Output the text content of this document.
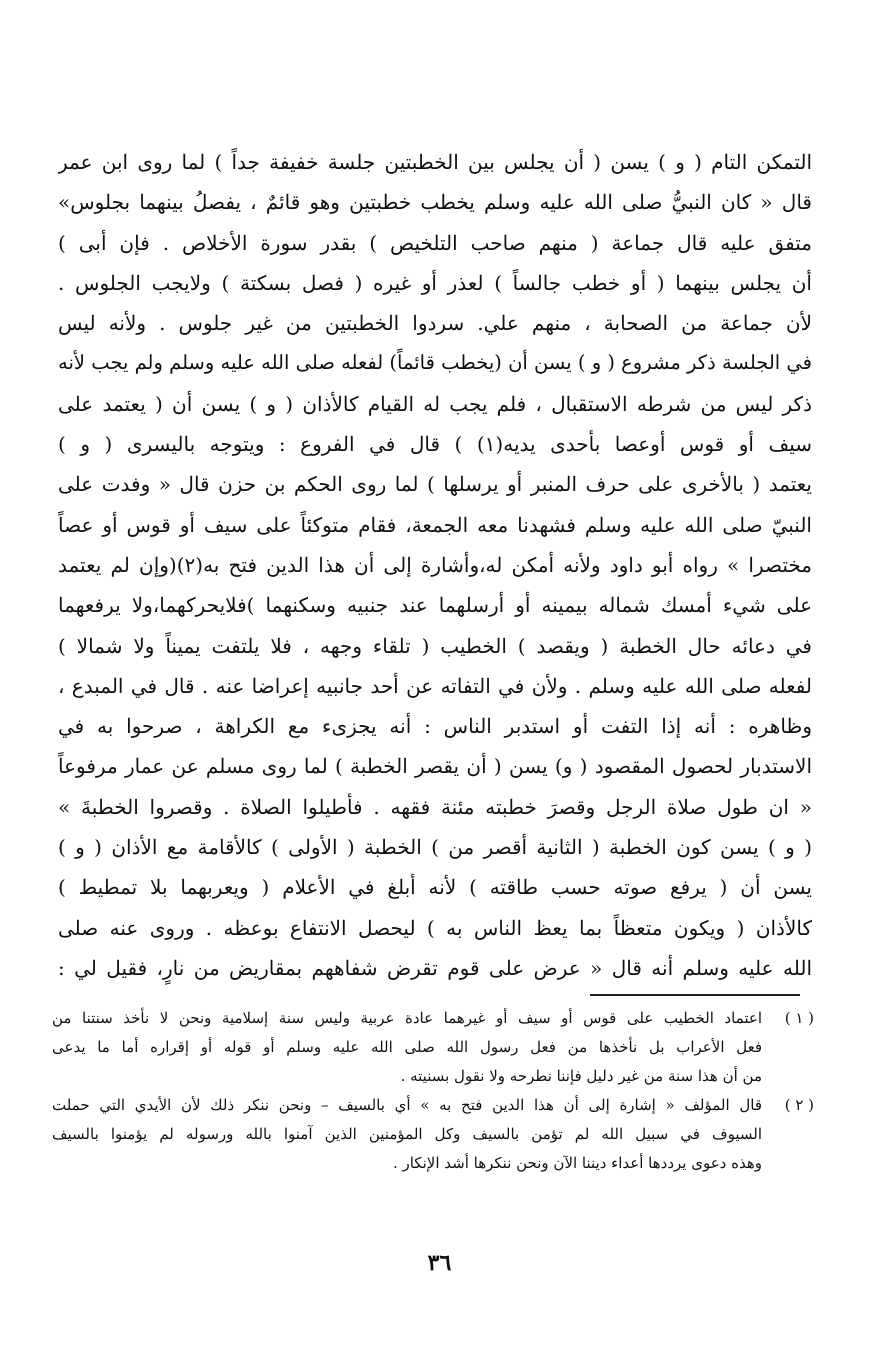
التمكن التام ( و ) يسن ( أن يجلس بين الخطبتين جلسة خفيفة جداً ) لما روى ابن عمر
قال « كان النبيُّ صلى الله عليه وسلم يخطب خطبتين وهو قائمٌ ، يفصلُ بينهما بجلوس»
متفق عليه قال جماعة ( منهم صاحب التلخيص ) بقدر سورة الأخلاص . فإن أبى )
أن يجلس بينهما ( أو خطب جالساً ) لعذر أو غيره ( فصل بسكتة ) ولايجب الجلوس .
لأن جماعة من الصحابة ، منهم علي. سردوا الخطبتين من غير جلوس . ولأنه ليس
في الجلسة ذكر مشروع ( و ) يسن أن (يخطب قائماً) لفعله صلى الله عليه وسلم ولم يجب لأنه
ذكر ليس من شرطه الاستقبال ، فلم يجب له القيام كالأذان ( و ) يسن أن ( يعتمد على
سيف أو قوس أوعصا بأحدى يديه(١) ) قال في الفروع : ويتوجه باليسرى ( و )
يعتمد ( بالأخرى على حرف المنبر أو يرسلها ) لما روى الحكم بن حزن قال « وفدت على
النبيّ صلى الله عليه وسلم فشهدنا معه الجمعة، فقام متوكئاً على سيف أو قوس أو عصاً
مختصرا » رواه أبو داود ولأنه أمكن له،وأشارة إلى أن هذا الدين فتح به(٢)(وإن لم يعتمد
على شيء أمسك شماله بيمينه أو أرسلهما عند جنبيه وسكنهما )فلايحركهما،ولا يرفعهما
في دعائه حال الخطبة ( ويقصد ) الخطيب ( تلقاء وجهه ، فلا يلتفت يميناً ولا شمالا )
لفعله صلى الله عليه وسلم . ولأن في التفاته عن أحد جانبيه إعراضا عنه . قال في المبدع ،
وظاهره : أنه إذا التفت أو استدبر الناس : أنه يجزىء مع الكراهة ، صرحوا به في
الاستدبار لحصول المقصود ( و) يسن ( أن يقصر الخطبة ) لما روى مسلم عن عمار مرفوعاً
« ان طول صلاة الرجل وقصرَ خطبته مئنة فقهه . فأطيلوا الصلاة . وقصروا الخطبةَ »
( و ) يسن كون الخطبة ( الثانية أقصر من ) الخطبة ( الأولى ) كالأقامة مع الأذان ( و )
يسن أن ( يرفع صوته حسب طاقته ) لأنه أبلغ في الأعلام ( ويعربهما بلا تمطيط )
كالأذان ( ويكون متعظاً بما يعظ الناس به ) ليحصل الانتفاع بوعظه . وروى عنه صلى
الله عليه وسلم أنه قال « عرض على قوم تقرض شفاههم بمقاريض من نارٍ، فقيل لي :
( ١ )
اعتماد الخطيب على قوس أو سيف أو غيرهما عادة عربية وليس سنة إسلامية ونحن لا نأخذ سنتنا من
فعل الأعراب بل نأخذها من فعل رسول الله صلى الله عليه وسلم أو قوله أو إقراره أما ما يدعى
من أن هذا سنة من غير دليل فإننا نطرحه ولا نقول بسنيته .
( ٢ )
قال المؤلف « إشارة إلى أن هذا الدين فتح به » أي بالسيف – ونحن ننكر ذلك لأن الأيدي التي حملت
السيوف في سبيل الله لم تؤمن بالسيف وكل المؤمنين الذين آمنوا بالله ورسوله لم يؤمنوا بالسيف
وهذه دعوى يرددها أعداء ديننا الآن ونحن ننكرها أشد الإنكار .
٣٦
